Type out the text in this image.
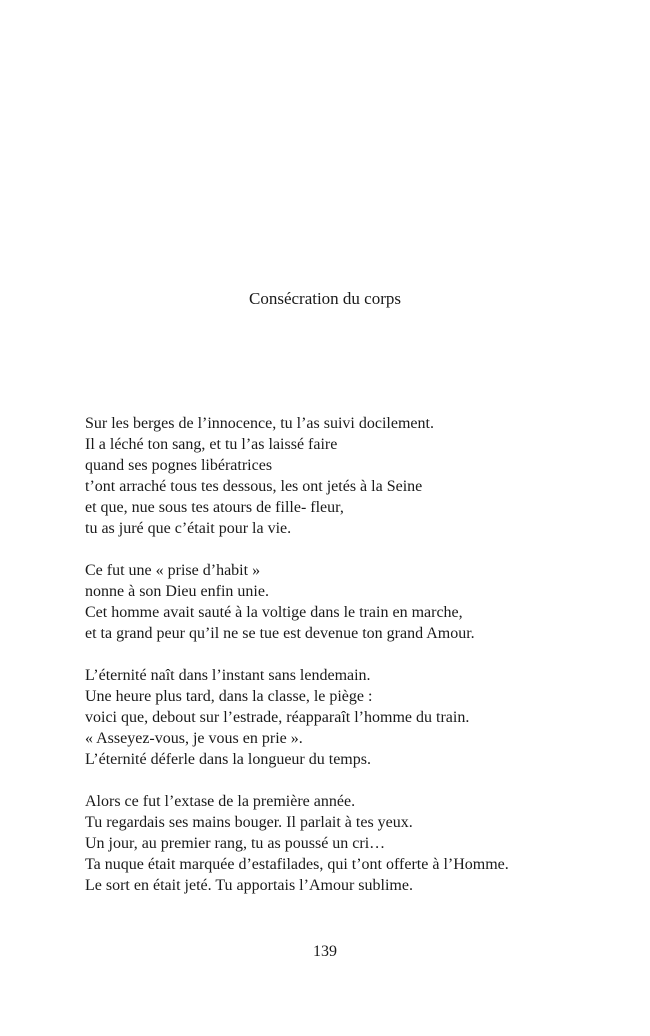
Consécration du corps
Sur les berges de l’innocence, tu l’as suivi docilement.
Il a léché ton sang, et tu l’as laissé faire
quand ses pognes libératrices
t’ont arraché tous tes dessous, les ont jetés à la Seine
et que, nue sous tes atours de fille- fleur,
tu as juré que c’était pour la vie.
Ce fut une « prise d’habit »
nonne à son Dieu enfin unie.
Cet homme avait sauté à la voltige dans le train en marche,
et ta grand peur qu’il ne se tue est devenue ton grand Amour.
L’éternité naît dans l’instant sans lendemain.
Une heure plus tard, dans la classe, le piège :
voici que, debout sur l’estrade, réapparaît l’homme du train.
« Asseyez-vous, je vous en prie ».
L’éternité déferle dans la longueur du temps.
Alors ce fut l’extase de la première année.
Tu regardais ses mains bouger. Il parlait à tes yeux.
Un jour, au premier rang, tu as poussé un cri…
Ta nuque était marquée d’estafilades, qui t’ont offerte à l’Homme.
Le sort en était jeté. Tu apportais l’Amour sublime.
139
